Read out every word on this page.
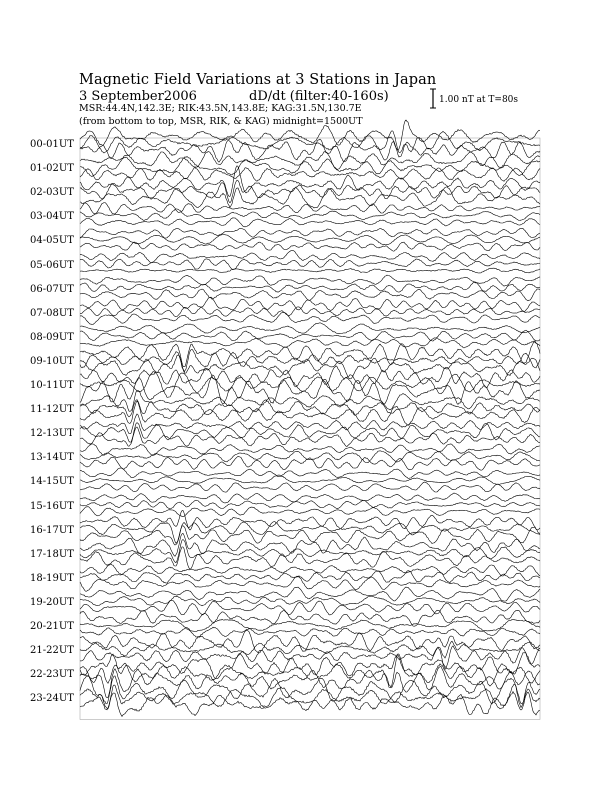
Magnetic Field Variations at 3 Stations in Japan
3 September2006	dD/dt (filter:40-160s)
MSR:44.4N,142.3E; RIK:43.5N,143.8E; KAG:31.5N,130.7E
(from bottom to top, MSR, RIK, & KAG) midnight=1500UT
1.00 nT at T=80s
00-01UT
01-02UT
02-03UT
03-04UT
04-05UT
05-06UT
06-07UT
07-08UT
08-09UT
09-10UT
10-11UT
11-12UT
12-13UT
13-14UT
14-15UT
15-16UT
16-17UT
17-18UT
18-19UT
19-20UT
20-21UT
21-22UT
22-23UT
23-24UT
